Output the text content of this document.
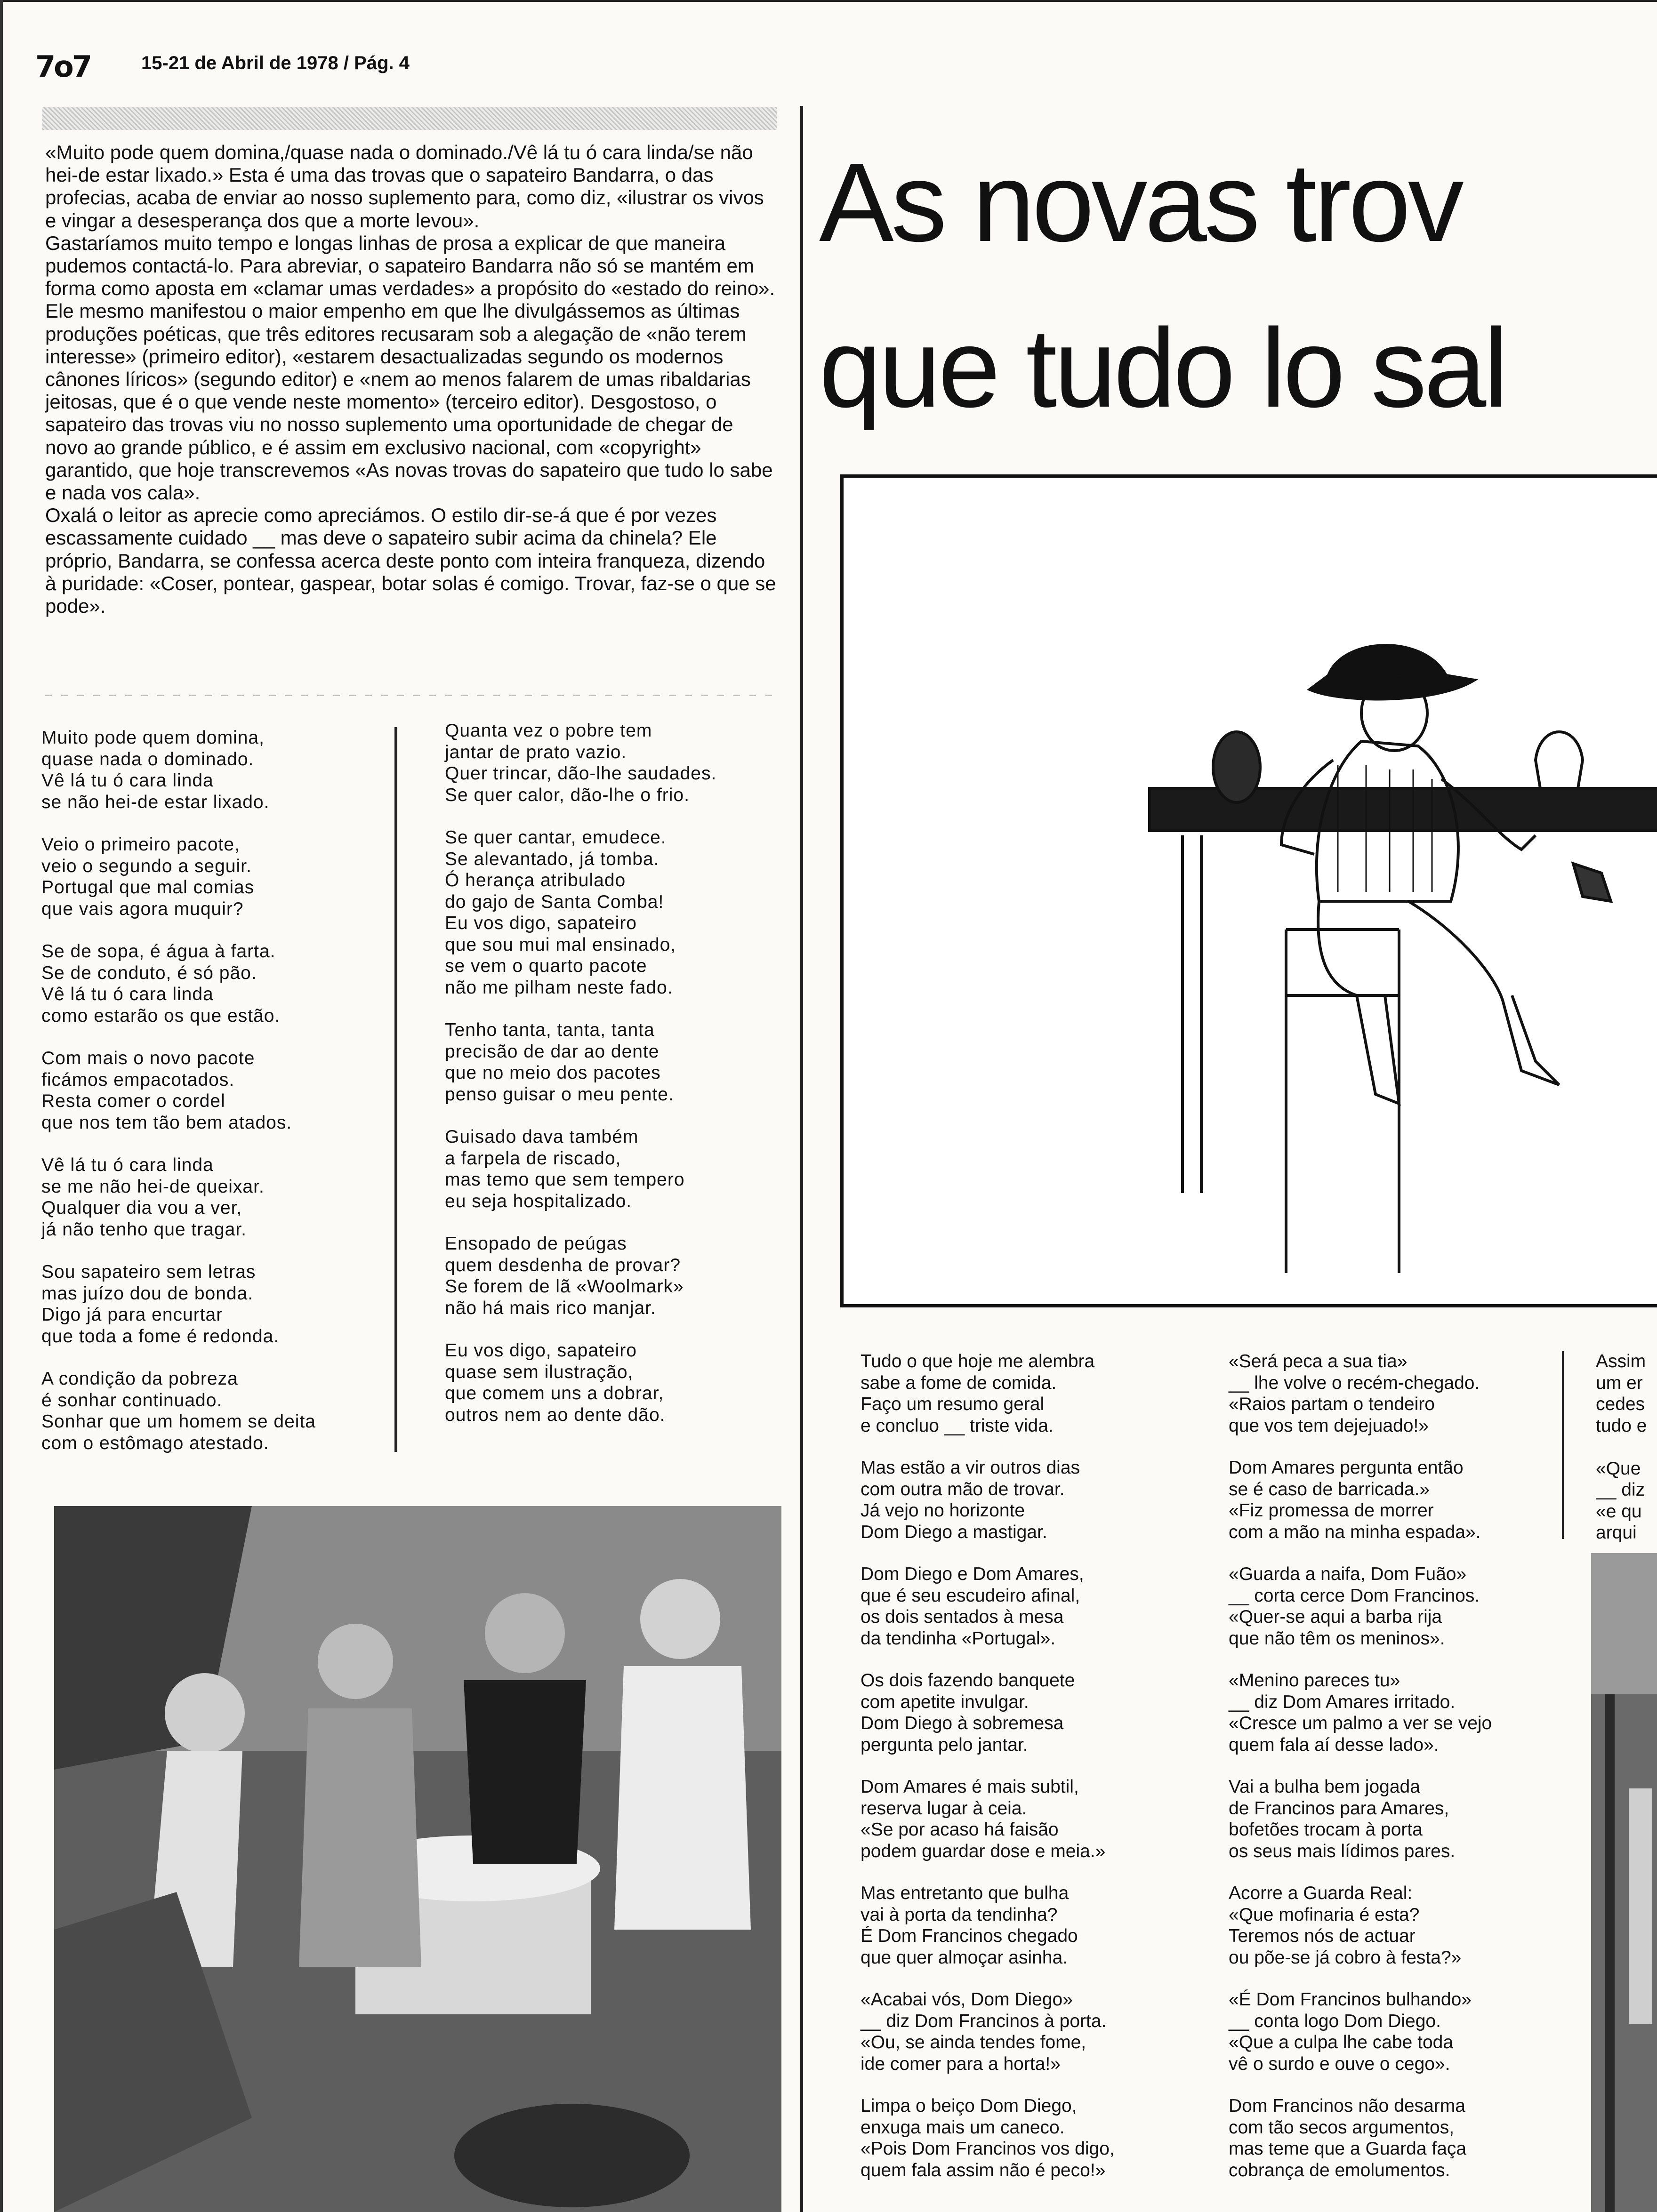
7o7	15-21 de Abril de 1978 / Pág. 4

«Muito pode quem domina,/quase nada o dominado./Vê lá tu ó cara linda/se não hei-de estar lixado.» Esta é uma das trovas que o sapateiro Bandarra, o das profecias, acaba de enviar ao nosso suplemento para, como diz, «ilustrar os vivos e vingar a desesperança dos que a morte levou».

Gastaríamos muito tempo e longas linhas de prosa a explicar de que maneira pudemos contactá-lo. Para abreviar, o sapateiro Bandarra não só se mantém em forma como aposta em «clamar umas verdades» a propósito do «estado do reino». Ele mesmo manifestou o maior empenho em que lhe divulgássemos as últimas produções poéticas, que três editores recusaram sob a alegação de «não terem interesse» (primeiro editor), «estarem desactualizadas segundo os modernos cânones líricos» (segundo editor) e «nem ao menos falarem de umas ribaldarias jeitosas, que é o que vende neste momento» (terceiro editor). Desgostoso, o sapateiro das trovas viu no nosso suplemento uma oportunidade de chegar de novo ao grande público, e é assim em exclusivo nacional, com «copyright» garantido, que hoje transcrevemos «As novas trovas do sapateiro que tudo lo sabe e nada vos cala».

Oxalá o leitor as aprecie como apreciámos. O estilo dir-se-á que é por vezes escassamente cuidado __ mas deve o sapateiro subir acima da chinela? Ele próprio, Bandarra, se confessa acerca deste ponto com inteira franqueza, dizendo à puridade: «Coser, pontear, gaspear, botar solas é comigo. Trovar, faz-se o que se pode».

Muito pode quem domina,
quase nada o dominado.
Vê lá tu ó cara linda
se não hei-de estar lixado.
Veio o primeiro pacote,
veio o segundo a seguir.
Portugal que mal comias
que vais agora muquir?
Se de sopa, é água à farta.
Se de conduto, é só pão.
Vê lá tu ó cara linda
como estarão os que estão.
Com mais o novo pacote
ficámos empacotados.
Resta comer o cordel
que nos tem tão bem atados.
Vê lá tu ó cara linda
se me não hei-de queixar.
Qualquer dia vou a ver,
já não tenho que tragar.
Sou sapateiro sem letras
mas juízo dou de bonda.
Digo já para encurtar
que toda a fome é redonda.
A condição da pobreza
é sonhar continuado.
Sonhar que um homem se deita
com o estômago atestado.
Quanta vez o pobre tem
jantar de prato vazio.
Quer trincar, dão-lhe saudades.
Se quer calor, dão-lhe o frio.
Se quer cantar, emudece.
Se alevantado, já tomba.
Ó herança atribulado
do gajo de Santa Comba!
Eu vos digo, sapateiro
que sou mui mal ensinado,
se vem o quarto pacote
não me pilham neste fado.
Tenho tanta, tanta, tanta
precisão de dar ao dente
que no meio dos pacotes
penso guisar o meu pente.
Guisado dava também
a farpela de riscado,
mas temo que sem tempero
eu seja hospitalizado.
Ensopado de peúgas
quem desdenha de provar?
Se forem de lã «Woolmark»
não há mais rico manjar.
Eu vos digo, sapateiro
quase sem ilustração,
que comem uns a dobrar,
outros nem ao dente dão.
As novas trov
que tudo lo sal
Tudo o que hoje me alembra
sabe a fome de comida.
Faço um resumo geral
e concluo __ triste vida.
Mas estão a vir outros dias
com outra mão de trovar.
Já vejo no horizonte
Dom Diego a mastigar.
Dom Diego e Dom Amares,
que é seu escudeiro afinal,
os dois sentados à mesa
da tendinha «Portugal».
Os dois fazendo banquete
com apetite invulgar.
Dom Diego à sobremesa
pergunta pelo jantar.
Dom Amares é mais subtil,
reserva lugar à ceia.
«Se por acaso há faisão
podem guardar dose e meia.»
Mas entretanto que bulha
vai à porta da tendinha?
É Dom Francinos chegado
que quer almoçar asinha.
«Acabai vós, Dom Diego»
__ diz Dom Francinos à porta.
«Ou, se ainda tendes fome,
ide comer para a horta!»
Limpa o beiço Dom Diego,
enxuga mais um caneco.
«Pois Dom Francinos vos digo,
quem fala assim não é peco!»
«Será peca a sua tia»
__ lhe volve o recém-chegado.
«Raios partam o tendeiro
que vos tem dejejuado!»
Dom Amares pergunta então
se é caso de barricada.»
«Fiz promessa de morrer
com a mão na minha espada».
«Guarda a naifa, Dom Fuão»
__ corta cerce Dom Francinos.
«Quer-se aqui a barba rija
que não têm os meninos».
«Menino pareces tu»
__ diz Dom Amares irritado.
«Cresce um palmo a ver se vejo
quem fala aí desse lado».
Vai a bulha bem jogada
de Francinos para Amares,
bofetões trocam à porta
os seus mais lídimos pares.
Acorre a Guarda Real:
«Que mofinaria é esta?
Teremos nós de actuar
ou põe-se já cobro à festa?»
«É Dom Francinos bulhando»
__ conta logo Dom Diego.
«Que a culpa lhe cabe toda
vê o surdo e ouve o cego».
Dom Francinos não desarma
com tão secos argumentos,
mas teme que a Guarda faça
cobrança de emolumentos.
Assim
um er
cedes
tudo e

«Que
__ diz
«e qu
arqui
